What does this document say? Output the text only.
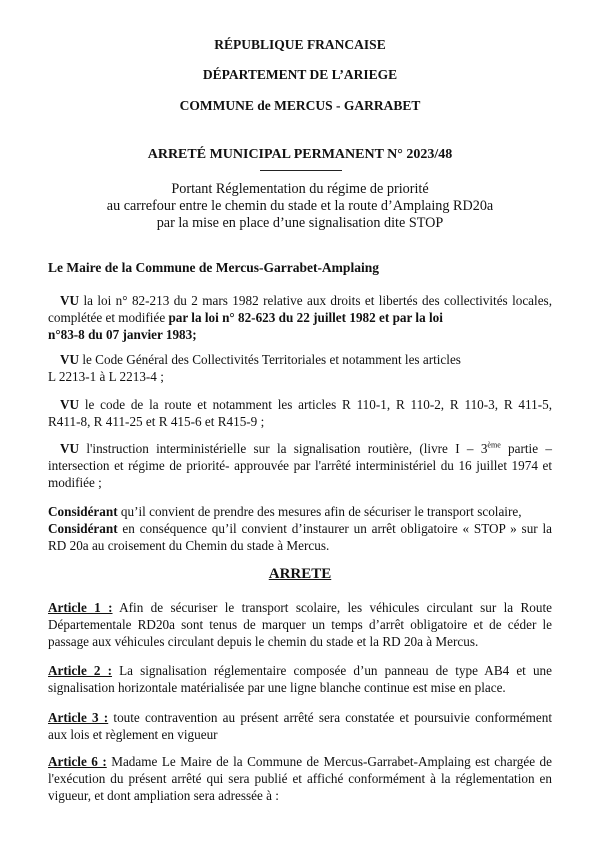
RÉPUBLIQUE FRANCAISE
DÉPARTEMENT DE L’ARIEGE
COMMUNE de MERCUS - GARRABET
ARRETÉ MUNICIPAL PERMANENT N° 2023/48
Portant Réglementation du régime de priorité
au carrefour entre le chemin du stade et la route d’Amplaing RD20a
par la mise en place d’une signalisation dite STOP
Le Maire de la Commune de Mercus-Garrabet-Amplaing
VU la loi n° 82-213 du 2 mars 1982 relative aux droits et libertés des collectivités locales,
complétée et modifiée par la loi n° 82-623 du 22 juillet 1982 et par la loi
n°83-8 du 07 janvier 1983;
VU le Code Général des Collectivités Territoriales et notamment les articles
L 2213-1 à L 2213-4 ;
VU le code de la route et notamment les articles R 110-1, R 110-2, R 110-3, R 411-5,
R411-8, R 411-25 et R 415-6 et R415-9 ;
VU l'instruction interministérielle sur la signalisation routière, (livre I – 3ème partie –
intersection et régime de priorité- approuvée par l'arrêté interministériel du 16 juillet 1974 et
modifiée ;
Considérant qu’il convient de prendre des mesures afin de sécuriser le transport scolaire,
Considérant en conséquence qu’il convient d’instaurer un arrêt obligatoire « STOP » sur la
RD 20a au croisement du Chemin du stade à Mercus.
ARRETE
Article 1 : Afin de sécuriser le transport scolaire, les véhicules circulant sur la Route
Départementale RD20a sont tenus de marquer un temps d’arrêt obligatoire et de céder le
passage aux véhicules circulant depuis le chemin du stade et la RD 20a à Mercus.
Article 2 : La signalisation réglementaire composée d’un panneau de type AB4 et une
signalisation horizontale matérialisée par une ligne blanche continue est mise en place.
Article 3 : toute contravention au présent arrêté sera constatée et poursuivie conformément
aux lois et règlement en vigueur
Article 6 : Madame Le Maire de la Commune de Mercus-Garrabet-Amplaing est chargée de
l'exécution du présent arrêté qui sera publié et affiché conformément à la réglementation en
vigueur, et dont ampliation sera adressée à :
